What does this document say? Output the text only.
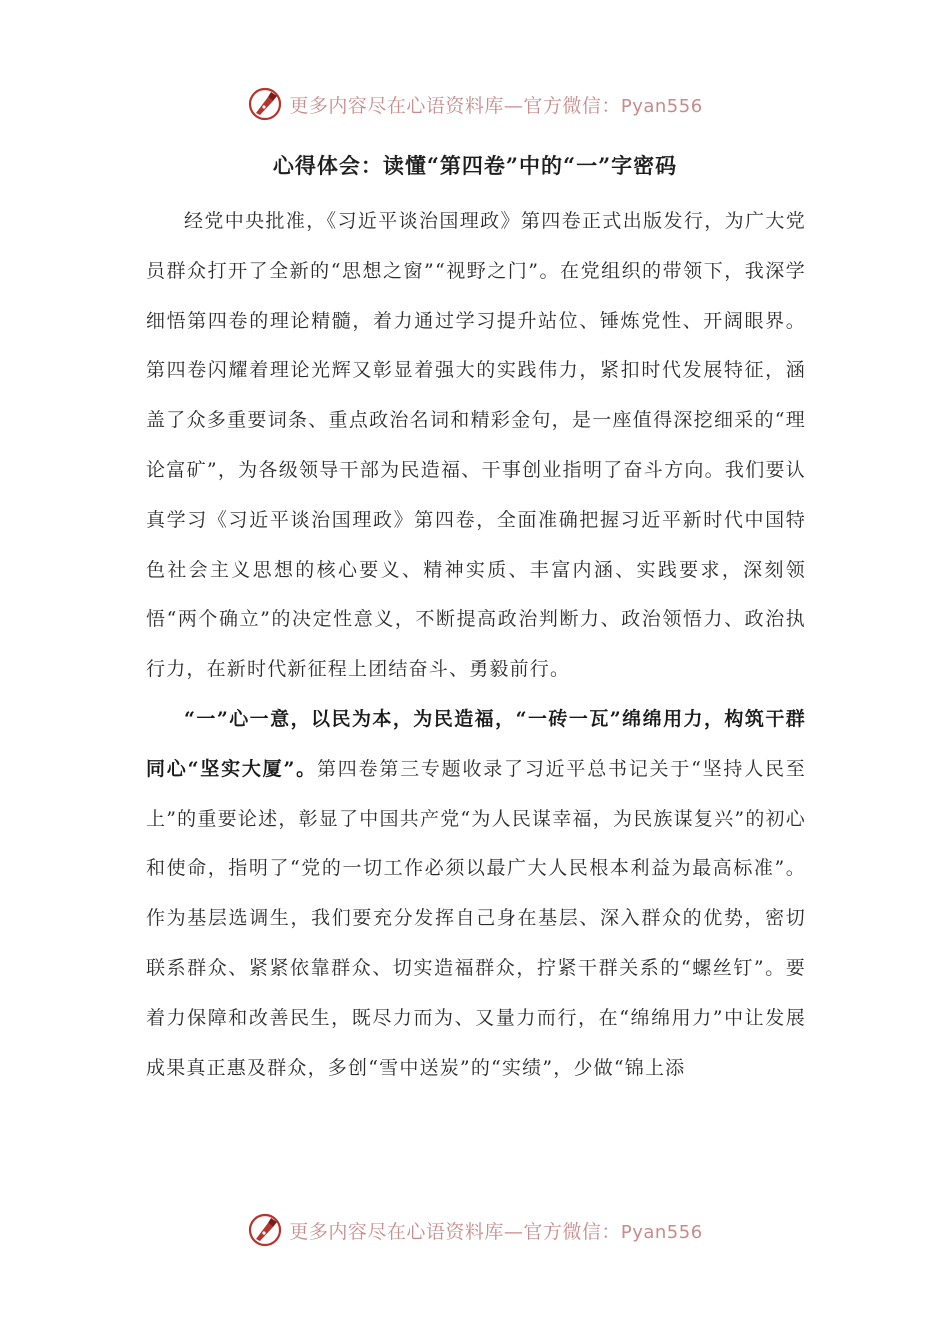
更多内容尽在心语资料库—官方微信：Pyan556
心得体会：读懂“第四卷”中的“一”字密码

经党中央批准，《习近平谈治国理政》第四卷正式出版发行，为广大党员群众打开了全新的“思想之窗”“视野之门”。在党组织的带领下，我深学细悟第四卷的理论精髓，着力通过学习提升站位、锤炼党性、开阔眼界。第四卷闪耀着理论光辉又彰显着强大的实践伟力，紧扣时代发展特征，涵盖了众多重要词条、重点政治名词和精彩金句，是一座值得深挖细采的“理论富矿”，为各级领导干部为民造福、干事创业指明了奋斗方向。我们要认真学习《习近平谈治国理政》第四卷，全面准确把握习近平新时代中国特色社会主义思想的核心要义、精神实质、丰富内涵、实践要求，深刻领悟“两个确立”的决定性意义，不断提高政治判断力、政治领悟力、政治执行力，在新时代新征程上团结奋斗、勇毅前行。

“一”心一意，以民为本，为民造福，“一砖一瓦”绵绵用力，构筑干群同心“坚实大厦”。第四卷第三专题收录了习近平总书记关于“坚持人民至上”的重要论述，彰显了中国共产党“为人民谋幸福，为民族谋复兴”的初心和使命，指明了“党的一切工作必须以最广大人民根本利益为最高标准”。作为基层选调生，我们要充分发挥自己身在基层、深入群众的优势，密切联系群众、紧紧依靠群众、切实造福群众，拧紧干群关系的“螺丝钉”。要着力保障和改善民生，既尽力而为、又量力而行，在“绵绵用力”中让发展成果真正惠及群众，多创“雪中送炭”的“实绩”，少做“锦上添

更多内容尽在心语资料库—官方微信：Pyan556
